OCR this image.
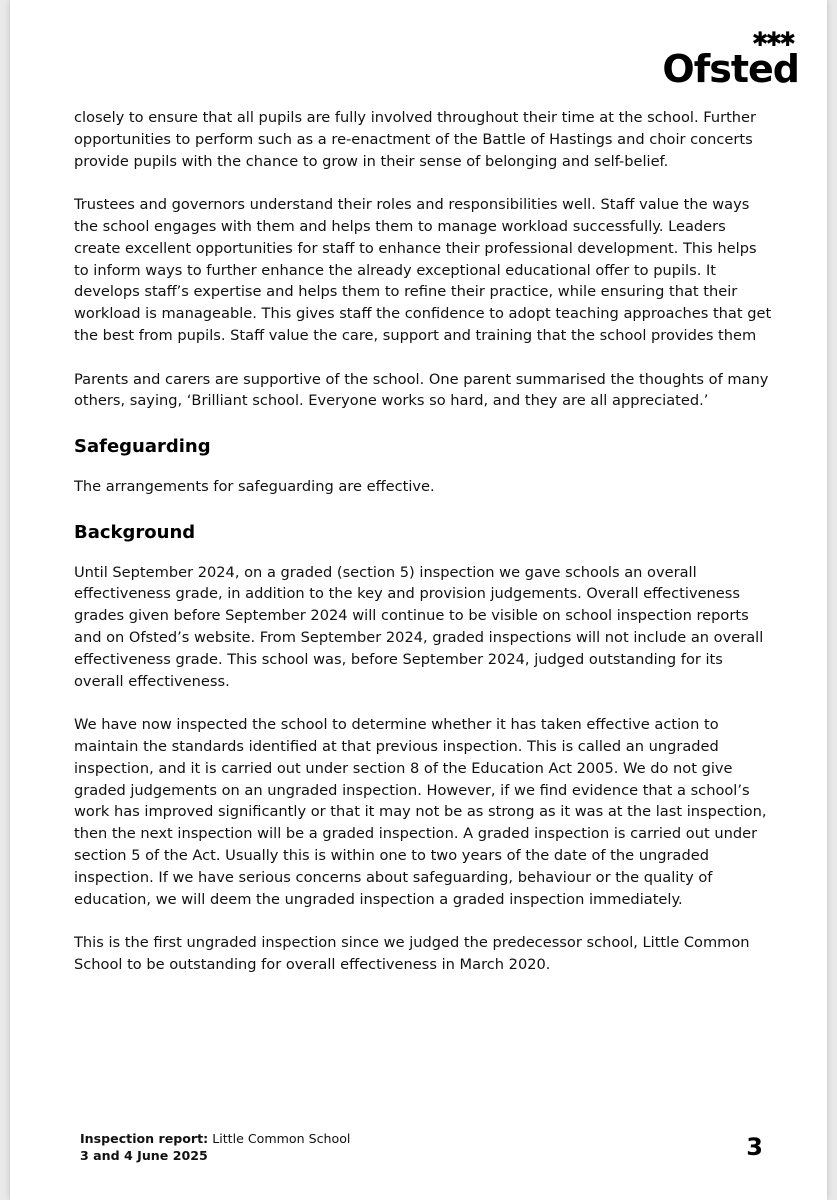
✱✱✱
Ofsted

closely to ensure that all pupils are fully involved throughout their time at the school. Further opportunities to perform such as a re-enactment of the Battle of Hastings and choir concerts provide pupils with the chance to grow in their sense of belonging and self-belief.

Trustees and governors understand their roles and responsibilities well. Staff value the ways the school engages with them and helps them to manage workload successfully. Leaders create excellent opportunities for staff to enhance their professional development. This helps to inform ways to further enhance the already exceptional educational offer to pupils. It develops staff’s expertise and helps them to refine their practice, while ensuring that their workload is manageable. This gives staff the confidence to adopt teaching approaches that get the best from pupils. Staff value the care, support and training that the school provides them

Parents and carers are supportive of the school. One parent summarised the thoughts of many others, saying, ‘Brilliant school. Everyone works so hard, and they are all appreciated.’

Safeguarding

The arrangements for safeguarding are effective.

Background

Until September 2024, on a graded (section 5) inspection we gave schools an overall effectiveness grade, in addition to the key and provision judgements. Overall effectiveness grades given before September 2024 will continue to be visible on school inspection reports and on Ofsted’s website. From September 2024, graded inspections will not include an overall effectiveness grade. This school was, before September 2024, judged outstanding for its overall effectiveness.

We have now inspected the school to determine whether it has taken effective action to maintain the standards identified at that previous inspection. This is called an ungraded inspection, and it is carried out under section 8 of the Education Act 2005. We do not give graded judgements on an ungraded inspection. However, if we find evidence that a school’s work has improved significantly or that it may not be as strong as it was at the last inspection, then the next inspection will be a graded inspection. A graded inspection is carried out under section 5 of the Act. Usually this is within one to two years of the date of the ungraded inspection. If we have serious concerns about safeguarding, behaviour or the quality of education, we will deem the ungraded inspection a graded inspection immediately.

This is the first ungraded inspection since we judged the predecessor school, Little Common School to be outstanding for overall effectiveness in March 2020.

Inspection report: Little Common School
3 and 4 June 2025	3
